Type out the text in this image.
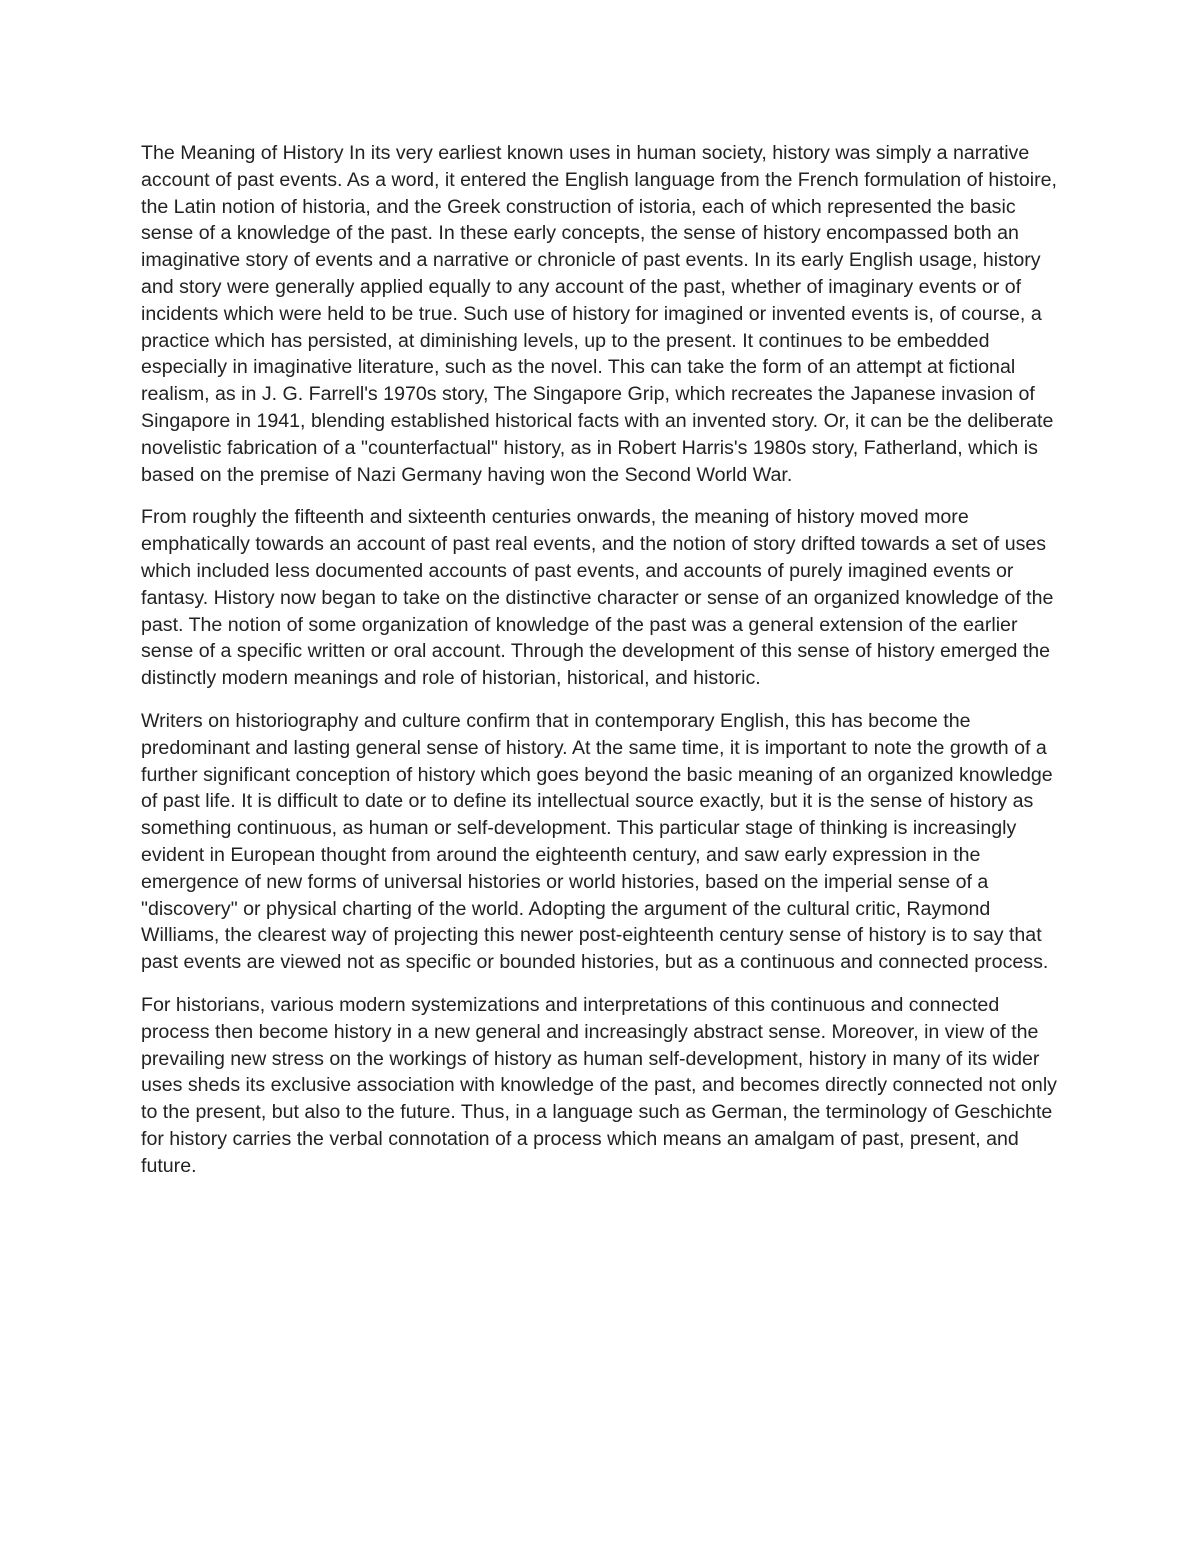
The Meaning of History In its very earliest known uses in human society, history was simply a narrative account of past events. As a word, it entered the English language from the French formulation of histoire, the Latin notion of historia, and the Greek construction of istoria, each of which represented the basic sense of a knowledge of the past. In these early concepts, the sense of history encompassed both an imaginative story of events and a narrative or chronicle of past events. In its early English usage, history and story were generally applied equally to any account of the past, whether of imaginary events or of incidents which were held to be true. Such use of history for imagined or invented events is, of course, a practice which has persisted, at diminishing levels, up to the present. It continues to be embedded especially in imaginative literature, such as the novel. This can take the form of an attempt at fictional realism, as in J. G. Farrell's 1970s story, The Singapore Grip, which recreates the Japanese invasion of Singapore in 1941, blending established historical facts with an invented story. Or, it can be the deliberate novelistic fabrication of a "counterfactual" history, as in Robert Harris's 1980s story, Fatherland, which is based on the premise of Nazi Germany having won the Second World War.

From roughly the fifteenth and sixteenth centuries onwards, the meaning of history moved more emphatically towards an account of past real events, and the notion of story drifted towards a set of uses which included less documented accounts of past events, and accounts of purely imagined events or fantasy. History now began to take on the distinctive character or sense of an organized knowledge of the past. The notion of some organization of knowledge of the past was a general extension of the earlier sense of a specific written or oral account. Through the development of this sense of history emerged the distinctly modern meanings and role of historian, historical, and historic.

Writers on historiography and culture confirm that in contemporary English, this has become the predominant and lasting general sense of history. At the same time, it is important to note the growth of a further significant conception of history which goes beyond the basic meaning of an organized knowledge of past life. It is difficult to date or to define its intellectual source exactly, but it is the sense of history as something continuous, as human or self-development. This particular stage of thinking is increasingly evident in European thought from around the eighteenth century, and saw early expression in the emergence of new forms of universal histories or world histories, based on the imperial sense of a "discovery" or physical charting of the world. Adopting the argument of the cultural critic, Raymond Williams, the clearest way of projecting this newer post-eighteenth century sense of history is to say that past events are viewed not as specific or bounded histories, but as a continuous and connected process.

For historians, various modern systemizations and interpretations of this continuous and connected process then become history in a new general and increasingly abstract sense. Moreover, in view of the prevailing new stress on the workings of history as human self-development, history in many of its wider uses sheds its exclusive association with knowledge of the past, and becomes directly connected not only to the present, but also to the future. Thus, in a language such as German, the terminology of Geschichte for history carries the verbal connotation of a process which means an amalgam of past, present, and future.
